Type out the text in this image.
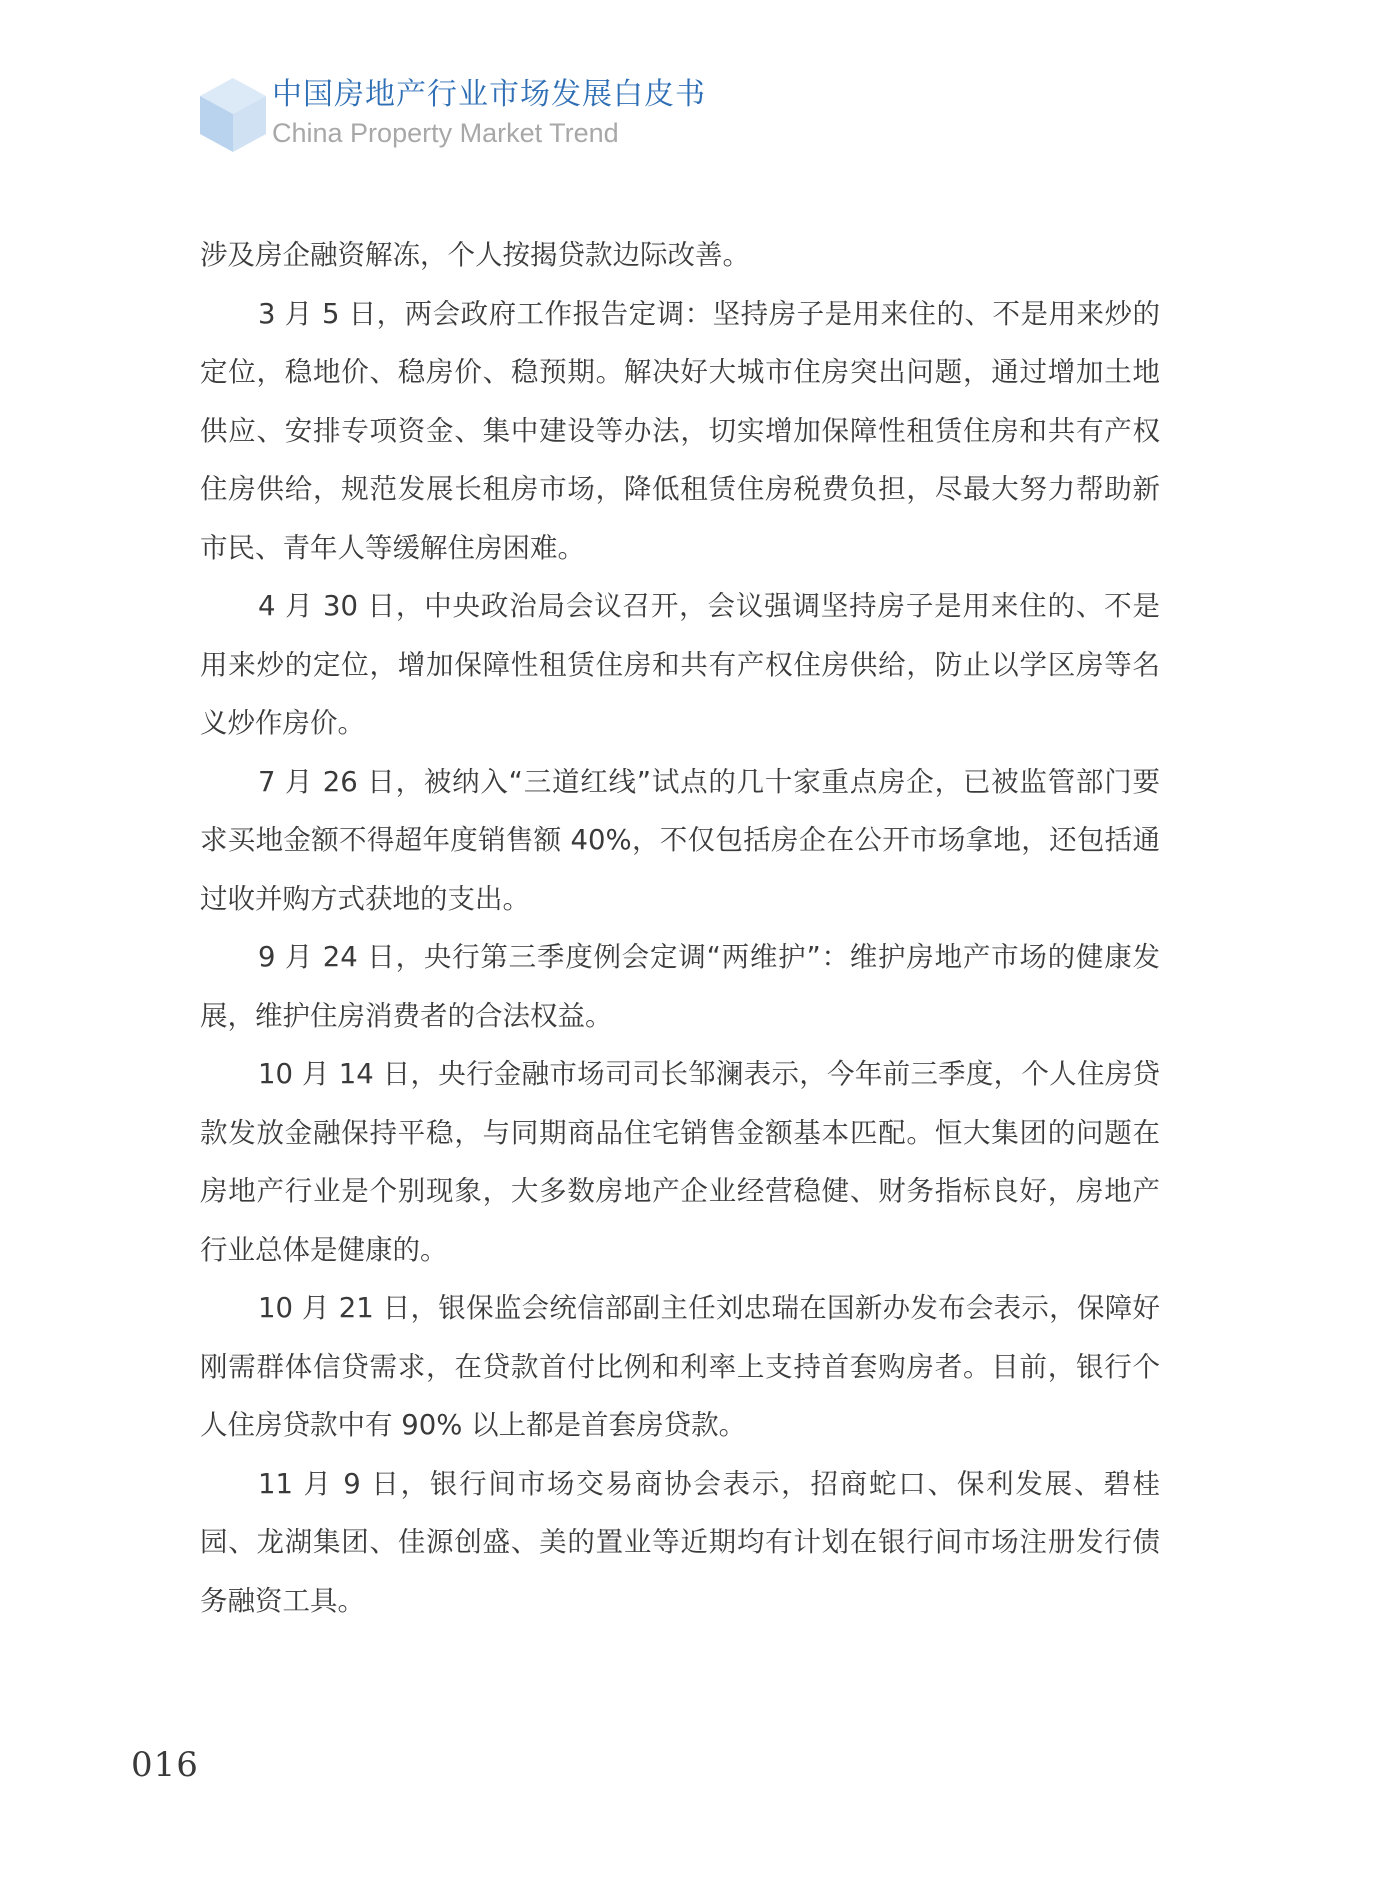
中国房地产行业市场发展白皮书
China Property Market Trend

涉及房企融资解冻，个人按揭贷款边际改善。

3 月 5 日，两会政府工作报告定调：坚持房子是用来住的、不是用来炒的定位，稳地价、稳房价、稳预期。解决好大城市住房突出问题，通过增加土地供应、安排专项资金、集中建设等办法，切实增加保障性租赁住房和共有产权住房供给，规范发展长租房市场，降低租赁住房税费负担，尽最大努力帮助新市民、青年人等缓解住房困难。

4 月 30 日，中央政治局会议召开，会议强调坚持房子是用来住的、不是用来炒的定位，增加保障性租赁住房和共有产权住房供给，防止以学区房等名义炒作房价。

7 月 26 日，被纳入“三道红线”试点的几十家重点房企，已被监管部门要求买地金额不得超年度销售额 40%，不仅包括房企在公开市场拿地，还包括通过收并购方式获地的支出。

9 月 24 日，央行第三季度例会定调“两维护”：维护房地产市场的健康发展，维护住房消费者的合法权益。

10 月 14 日，央行金融市场司司长邹澜表示，今年前三季度，个人住房贷款发放金融保持平稳，与同期商品住宅销售金额基本匹配。恒大集团的问题在房地产行业是个别现象，大多数房地产企业经营稳健、财务指标良好，房地产行业总体是健康的。

10 月 21 日，银保监会统信部副主任刘忠瑞在国新办发布会表示，保障好刚需群体信贷需求，在贷款首付比例和利率上支持首套购房者。目前，银行个人住房贷款中有 90% 以上都是首套房贷款。

11 月 9 日，银行间市场交易商协会表示，招商蛇口、保利发展、碧桂园、龙湖集团、佳源创盛、美的置业等近期均有计划在银行间市场注册发行债务融资工具。

016
